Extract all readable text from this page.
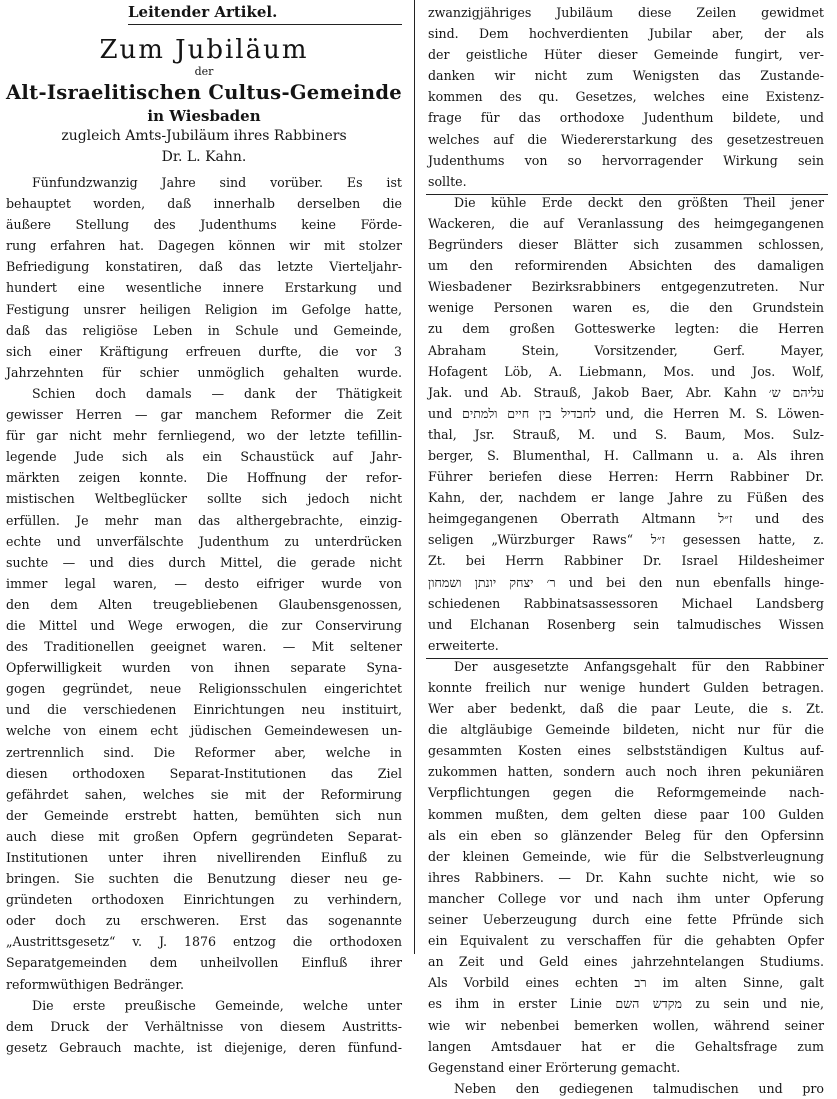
Leitender Artikel.
Zum Jubiläum
der
Alt-Israelitischen Cultus-Gemeinde
in Wiesbaden
zugleich Amts-Jubiläum ihres Rabbiners
Dr. L. Kahn.
Fünfundzwanzig Jahre sind vorüber. Es ist
behauptet worden, daß innerhalb derselben die
äußere Stellung des Judenthums keine Förde-
rung erfahren hat. Dagegen können wir mit stolzer
Befriedigung konstatiren, daß das letzte Vierteljahr-
hundert eine wesentliche innere Erstarkung und
Festigung unsrer heiligen Religion im Gefolge hatte,
daß das religiöse Leben in Schule und Gemeinde,
sich einer Kräftigung erfreuen durfte, die vor 3
Jahrzehnten für schier unmöglich gehalten wurde.
Schien doch damals — dank der Thätigkeit
gewisser Herren — gar manchem Reformer die Zeit
für gar nicht mehr fernliegend, wo der letzte tefillin-
legende Jude sich als ein Schaustück auf Jahr-
märkten zeigen konnte. Die Hoffnung der refor-
mistischen Weltbeglücker sollte sich jedoch nicht
erfüllen. Je mehr man das althergebrachte, einzig-
echte und unverfälschte Judenthum zu unterdrücken
suchte — und dies durch Mittel, die gerade nicht
immer legal waren, — desto eifriger wurde von
den dem Alten treugebliebenen Glaubensgenossen,
die Mittel und Wege erwogen, die zur Conservirung
des Traditionellen geeignet waren. — Mit seltener
Opferwilligkeit wurden von ihnen separate Syna-
gogen gegründet, neue Religionsschulen eingerichtet
und die verschiedenen Einrichtungen neu instituirt,
welche von einem echt jüdischen Gemeindewesen un-
zertrennlich sind. Die Reformer aber, welche in
diesen orthodoxen Separat-Institutionen das Ziel
gefährdet sahen, welches sie mit der Reformirung
der Gemeinde erstrebt hatten, bemühten sich nun
auch diese mit großen Opfern gegründeten Separat-
Institutionen unter ihren nivellirenden Einfluß zu
bringen. Sie suchten die Benutzung dieser neu ge-
gründeten orthodoxen Einrichtungen zu verhindern,
oder doch zu erschweren. Erst das sogenannte
„Austrittsgesetz“ v. J. 1876 entzog die orthodoxen
Separatgemeinden dem unheilvollen Einfluß ihrer
reformwüthigen Bedränger.
Die erste preußische Gemeinde, welche unter
dem Druck der Verhältnisse von diesem Austritts-
gesetz Gebrauch machte, ist diejenige, deren fünfund-
zwanzigjähriges Jubiläum diese Zeilen gewidmet
sind. Dem hochverdienten Jubilar aber, der als
der geistliche Hüter dieser Gemeinde fungirt, ver-
danken wir nicht zum Wenigsten das Zustande-
kommen des qu. Gesetzes, welches eine Existenz-
frage für das orthodoxe Judenthum bildete, und
welches auf die Wiedererstarkung des gesetzestreuen
Judenthums von so hervorragender Wirkung sein
sollte.
Die kühle Erde deckt den größten Theil jener
Wackeren, die auf Veranlassung des heimgegangenen
Begründers dieser Blätter sich zusammen schlossen,
um den reformirenden Absichten des damaligen
Wiesbadener Bezirksrabbiners entgegenzutreten. Nur
wenige Personen waren es, die den Grundstein
zu dem großen Gotteswerke legten: die Herren
Abraham Stein, Vorsitzender, Gerf. Mayer,
Hofagent Löb, A. Liebmann, Mos. und Jos. Wolf,
Jak. und Ab. Strauß, Jakob Baer, Abr. Kahn עליהם ש׳
und לחבדיל בין חיים ולמתים und, die Herren M. S. Löwen-
thal, Jsr. Strauß, M. und S. Baum, Mos. Sulz-
berger, S. Blumenthal, H. Callmann u. a. Als ihren
Führer beriefen diese Herren: Herrn Rabbiner Dr.
Kahn, der, nachdem er lange Jahre zu Füßen des
heimgegangenen Oberrath Altmann ז״ל und des
seligen „Würzburger Raws“ ז״ל gesessen hatte, z.
Zt. bei Herrn Rabbiner Dr. Israel Hildesheimer
ר׳ יצחק יונתן ושמחון und bei den nun ebenfalls hinge-
schiedenen Rabbinatsassessoren Michael Landsberg
und Elchanan Rosenberg sein talmudisches Wissen
erweiterte.
Der ausgesetzte Anfangsgehalt für den Rabbiner
konnte freilich nur wenige hundert Gulden betragen.
Wer aber bedenkt, daß die paar Leute, die s. Zt.
die altgläubige Gemeinde bildeten, nicht nur für die
gesammten Kosten eines selbstständigen Kultus auf-
zukommen hatten, sondern auch noch ihren pekuniären
Verpflichtungen gegen die Reformgemeinde nach-
kommen mußten, dem gelten diese paar 100 Gulden
als ein eben so glänzender Beleg für den Opfersinn
der kleinen Gemeinde, wie für die Selbstverleugnung
ihres Rabbiners. — Dr. Kahn suchte nicht, wie so
mancher College vor und nach ihm unter Opferung
seiner Ueberzeugung durch eine fette Pfründe sich
ein Equivalent zu verschaffen für die gehabten Opfer
an Zeit und Geld eines jahrzehntelangen Studiums.
Als Vorbild eines echten רב im alten Sinne, galt
es ihm in erster Linie מקדש השם zu sein und nie,
wie wir nebenbei bemerken wollen, während seiner
langen Amtsdauer hat er die Gehaltsfrage zum
Gegenstand einer Erörterung gemacht.
Neben den gediegenen talmudischen und pro
